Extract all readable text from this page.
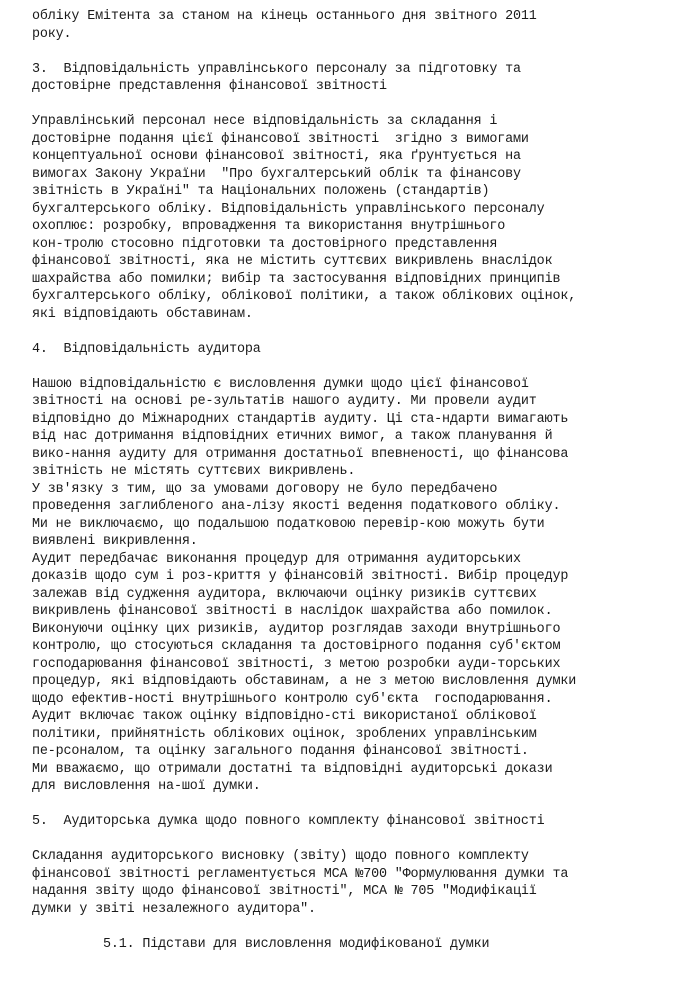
обліку Емітента за станом на кінець останнього дня звітного 2011
року.
3.  Відповідальність управлінського персоналу за підготовку та
достовірне представлення фінансової звітності
Управлінський персонал несе відповідальність за складання і
достовірне подання цієї фінансової звітності  згідно з вимогами
концептуальної основи фінансової звітності, яка ґрунтується на
вимогах Закону України  "Про бухгалтерський облік та фінансову
звітність в Україні" та Національних положень (стандартів)
бухгалтерського обліку. Відповідальність управлінського персоналу
охоплює: розробку, впровадження та використання внутрішнього
кон-тролю стосовно підготовки та достовірного представлення
фінансової звітності, яка не містить суттєвих викривлень внаслідок
шахрайства або помилки; вибір та застосування відповідних принципів
бухгалтерського обліку, облікової політики, а також облікових оцінок,
які відповідають обставинам.
4.  Відповідальність аудитора
Нашою відповідальністю є висловлення думки щодо цієї фінансової
звітності на основі ре-зультатів нашого аудиту. Ми провели аудит
відповідно до Міжнародних стандартів аудиту. Ці ста-ндарти вимагають
від нас дотримання відповідних етичних вимог, а також планування й
вико-нання аудиту для отримання достатньої впевненості, що фінансова
звітність не містять суттєвих викривлень.
У зв'язку з тим, що за умовами договору не було передбачено
проведення заглибленого ана-лізу якості ведення податкового обліку.
Ми не виключаємо, що подальшою податковою перевір-кою можуть бути
виявлені викривлення.
Аудит передбачає виконання процедур для отримання аудиторських
доказів щодо сум і роз-криття у фінансовій звітності. Вибір процедур
залежав від судження аудитора, включаючи оцінку ризиків суттєвих
викривлень фінансової звітності в наслідок шахрайства або помилок.
Виконуючи оцінку цих ризиків, аудитор розглядав заходи внутрішнього
контролю, що стосуються складання та достовірного подання суб'єктом
господарювання фінансової звітності, з метою розробки ауди-торських
процедур, які відповідають обставинам, а не з метою висловлення думки
щодо ефектив-ності внутрішнього контролю суб'єкта  господарювання.
Аудит включає також оцінку відповідно-сті використаної облікової
політики, прийнятність облікових оцінок, зроблених управлінським
пе-рсоналом, та оцінку загального подання фінансової звітності.
Ми вважаємо, що отримали достатні та відповідні аудиторські докази
для висловлення на-шої думки.
5.  Аудиторська думка щодо повного комплекту фінансової звітності
Складання аудиторського висновку (звіту) щодо повного комплекту
фінансової звітності регламентується МСА №700 "Формулювання думки та
надання звіту щодо фінансової звітності", МСА № 705 "Модифікації
думки у звіті незалежного аудитора".
5.1. Підстави для висловлення модифікованої думки
